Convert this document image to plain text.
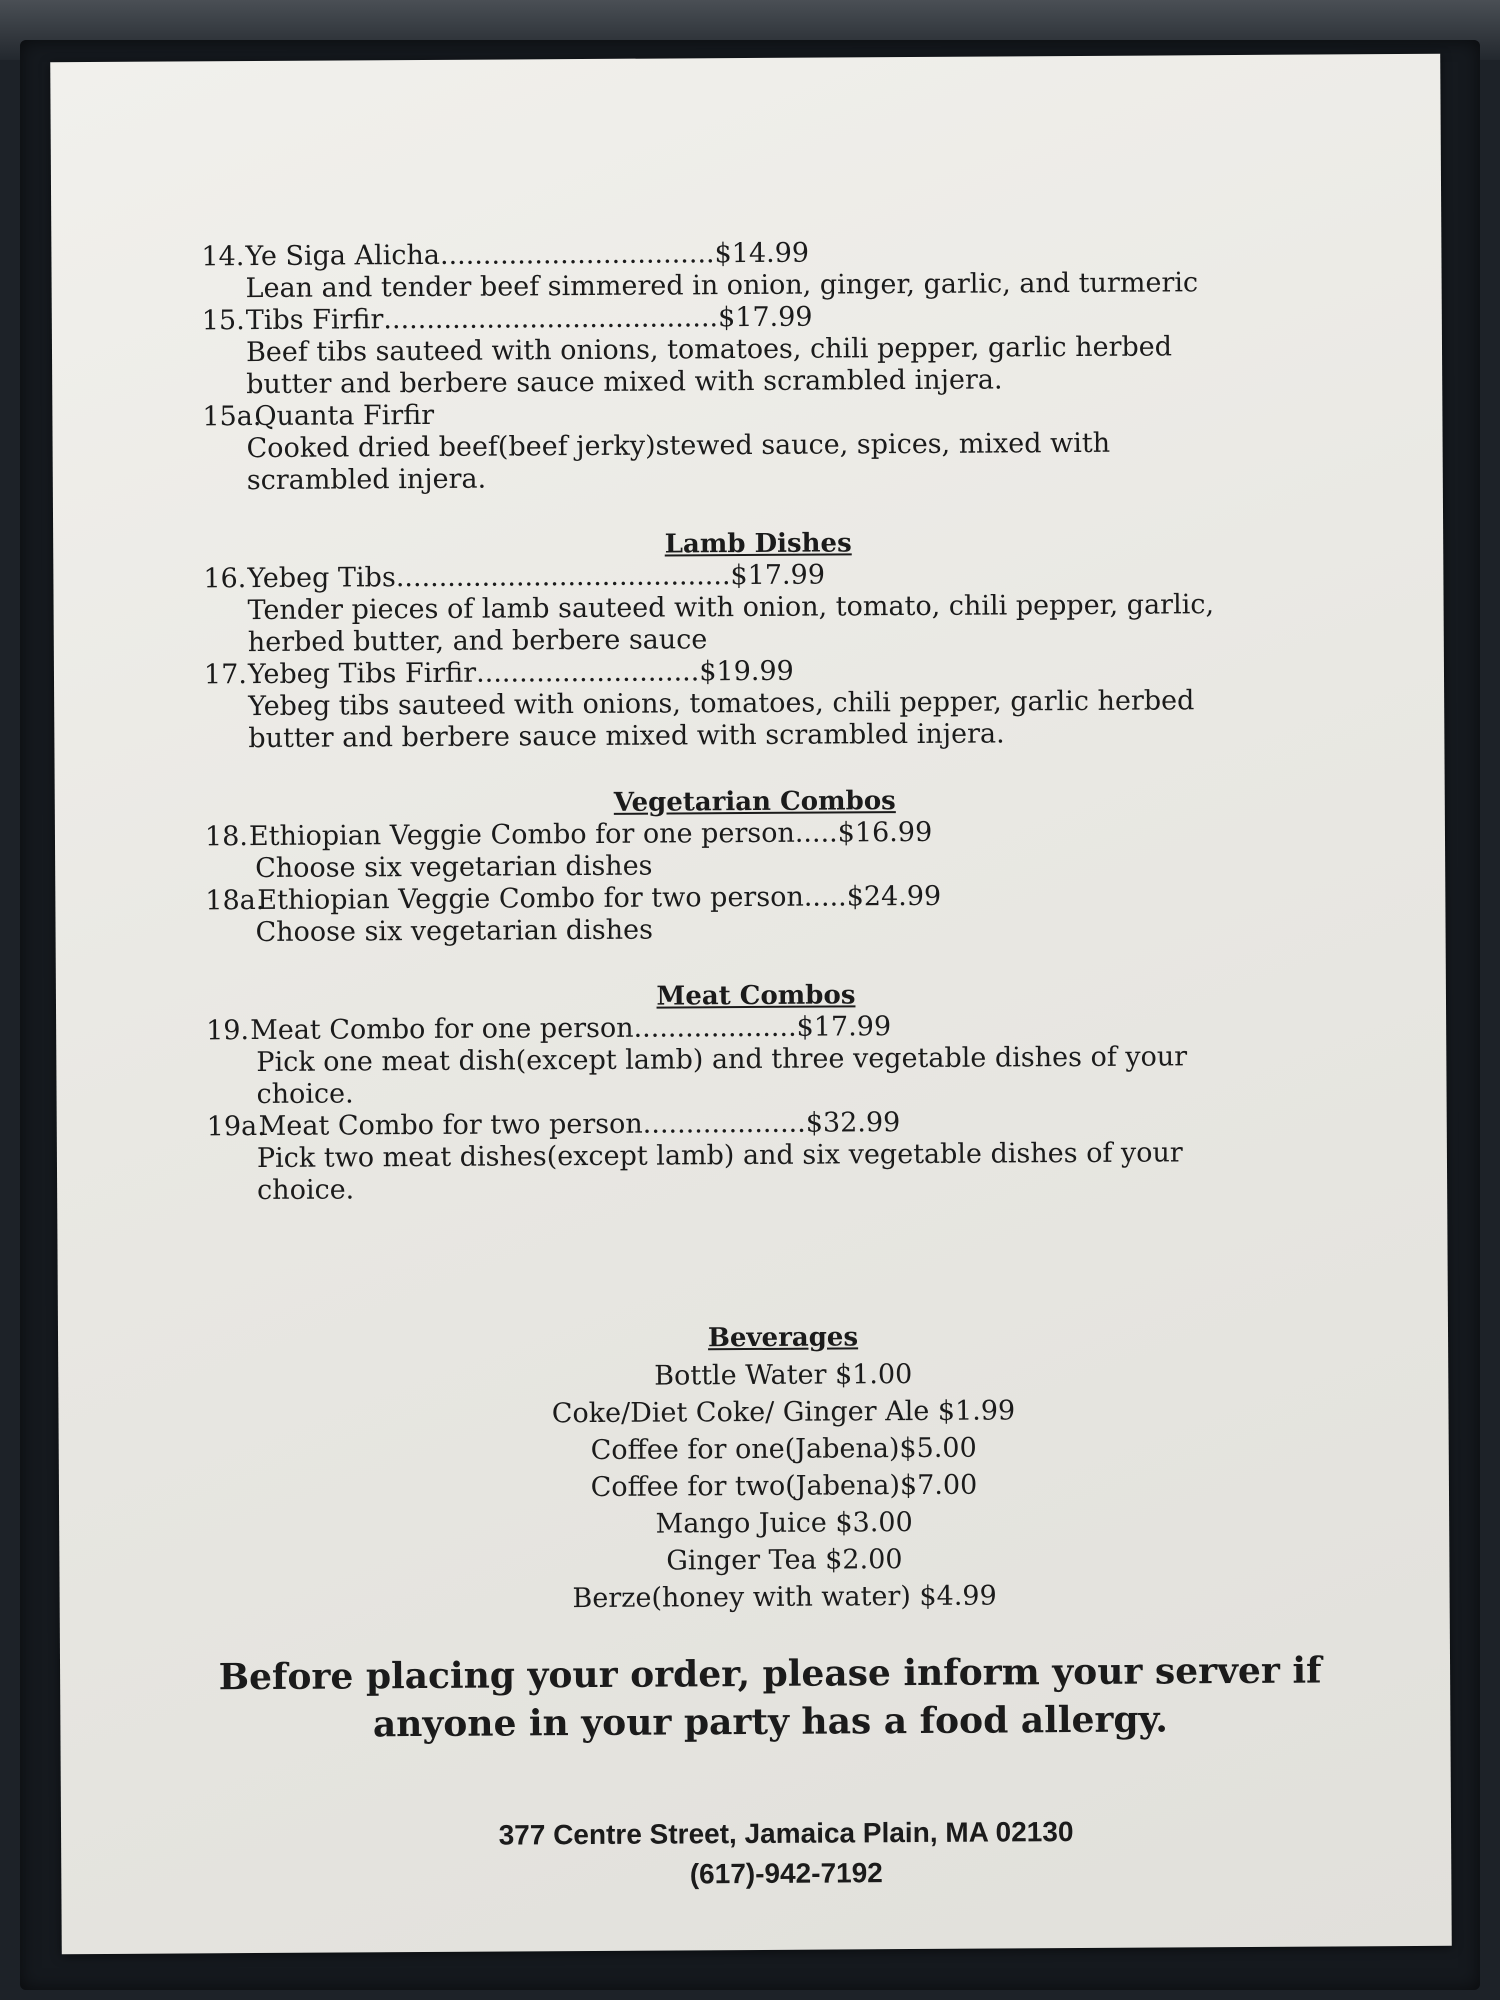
14. Ye Siga Alicha ................................ $14.99
Lean and tender beef simmered in onion, ginger, garlic, and turmeric
15. Tibs Firfir ....................................... $17.99
Beef tibs sauteed with onions, tomatoes, chili pepper, garlic herbed butter and berbere sauce mixed with scrambled injera.
15a.
Quanta Firfir
Cooked dried beef(beef jerky)stewed sauce, spices, mixed with scrambled injera.
Lamb Dishes
16. Yebeg Tibs ....................................... $17.99
Tender pieces of lamb sauteed with onion, tomato, chili pepper, garlic, herbed butter, and berbere sauce
17. Yebeg Tibs Firfir .......................... $19.99
Yebeg tibs sauteed with onions, tomatoes, chili pepper, garlic herbed butter and berbere sauce mixed with scrambled injera.
Vegetarian Combos
18. Ethiopian Veggie Combo for one person ..... $16.99
Choose six vegetarian dishes
18a.
Ethiopian Veggie Combo for two person ..... $24.99
Choose six vegetarian dishes
Meat Combos
19. Meat Combo for one person ................... $17.99
Pick one meat dish(except lamb) and three vegetable dishes of your choice.
19a.
Meat Combo for two person ................... $32.99
Pick two meat dishes(except lamb) and six vegetable dishes of your choice.
Beverages
Bottle Water $1.00
Coke/Diet Coke/ Ginger Ale $1.99
Coffee for one(Jabena)$5.00
Coffee for two(Jabena)$7.00
Mango Juice $3.00
Ginger Tea $2.00
Berze(honey with water) $4.99
Before placing your order, please inform your server if anyone in your party has a food allergy.
377 Centre Street, Jamaica Plain, MA 02130
(617)-942-7192
